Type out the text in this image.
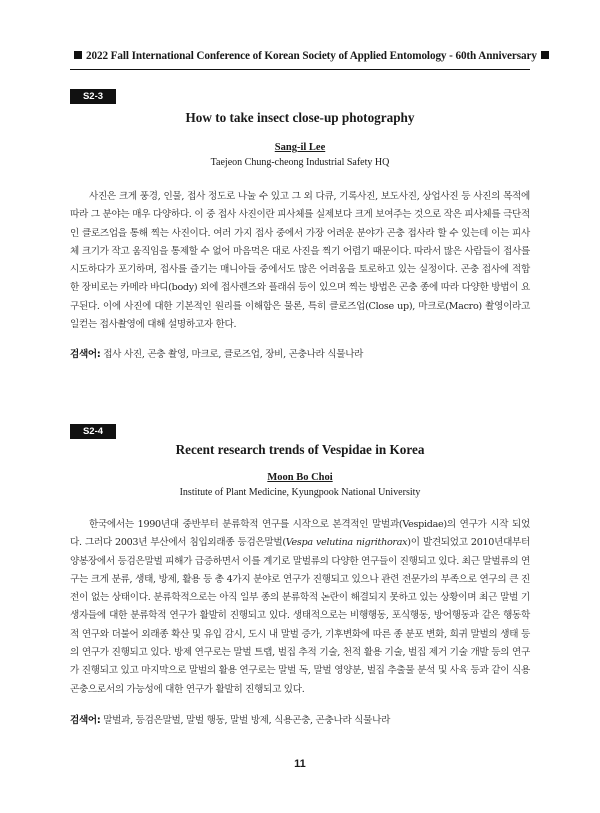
2022 Fall International Conference of Korean Society of Applied Entomology - 60th Anniversary
S2-3
How to take insect close-up photography
Sang-il Lee
Taejeon Chung-cheong Industrial Safety HQ
사진은 크게 풍경, 인물, 접사 정도로 나눌 수 있고 그 외 다큐, 기록사진, 보도사진, 상업사진 등 사진의 목적에 따라 그 분야는 매우 다양하다. 이 중 접사 사진이란 피사체를 실제보다 크게 보여주는 것으로 작은 피사체를 극단적인 클로즈업을 통해 찍는 사진이다. 여러 가지 접사 중에서 가장 어려운 분야가 곤충 접사라 할 수 있는데 이는 피사체 크기가 작고 움직임을 통제할 수 없어 마음먹은 대로 사진을 찍기 어렵기 때문이다. 따라서 많은 사람들이 접사를 시도하다가 포기하며, 접사를 즐기는 매니아들 중에서도 많은 어려움을 토로하고 있는 실정이다. 곤충 접사에 적합한 장비로는 카메라 바디(body) 외에 접사렌즈와 플래쉬 등이 있으며 찍는 방법은 곤충 종에 따라 다양한 방법이 요구된다. 이에 사진에 대한 기본적인 원리를 이해함은 물론, 특히 클로즈업(Close up), 마크로(Macro) 촬영이라고 일컫는 접사촬영에 대해 설명하고자 한다.
검색어: 접사 사진, 곤충 촬영, 마크로, 클로즈업, 장비, 곤충나라 식물나라
S2-4
Recent research trends of Vespidae in Korea
Moon Bo Choi
Institute of Plant Medicine, Kyungpook National University
한국에서는 1990년대 중반부터 분류학적 연구를 시작으로 본격적인 말벌과(Vespidae)의 연구가 시작 되었다. 그러다 2003년 부산에서 침입외래종 등검은말벌(Vespa velutina nigrithorax)이 발견되었고 2010년대부터 양봉장에서 등검은말벌 피해가 급증하면서 이를 계기로 말벌류의 다양한 연구들이 진행되고 있다. 최근 말벌류의 연구는 크게 분류, 생태, 방제, 활용 등 총 4가지 분야로 연구가 진행되고 있으나 관련 전문가의 부족으로 연구의 큰 진전이 없는 상태이다. 분류학적으로는 아직 일부 종의 분류학적 논란이 해결되지 못하고 있는 상황이며 최근 말벌 기생자들에 대한 분류학적 연구가 활발히 진행되고 있다. 생태적으로는 비행행동, 포식행동, 방어행동과 같은 행동학적 연구와 더불어 외래종 확산 및 유입 감시, 도시 내 말벌 증가, 기후변화에 따른 종 분포 변화, 희귀 말벌의 생태 등의 연구가 진행되고 있다. 방제 연구로는 말벌 트랩, 벌집 추적 기술, 천적 활용 기술, 벌집 제거 기술 개발 등의 연구가 진행되고 있고 마지막으로 말벌의 활용 연구로는 말벌 독, 말벌 영양분, 벌집 추출물 분석 및 사육 등과 같이 식용곤충으로서의 가능성에 대한 연구가 활발히 진행되고 있다.
검색어: 말벌과, 등검은말벌, 말벌 행동, 말벌 방제, 식용곤충, 곤충나라 식물나라
11
